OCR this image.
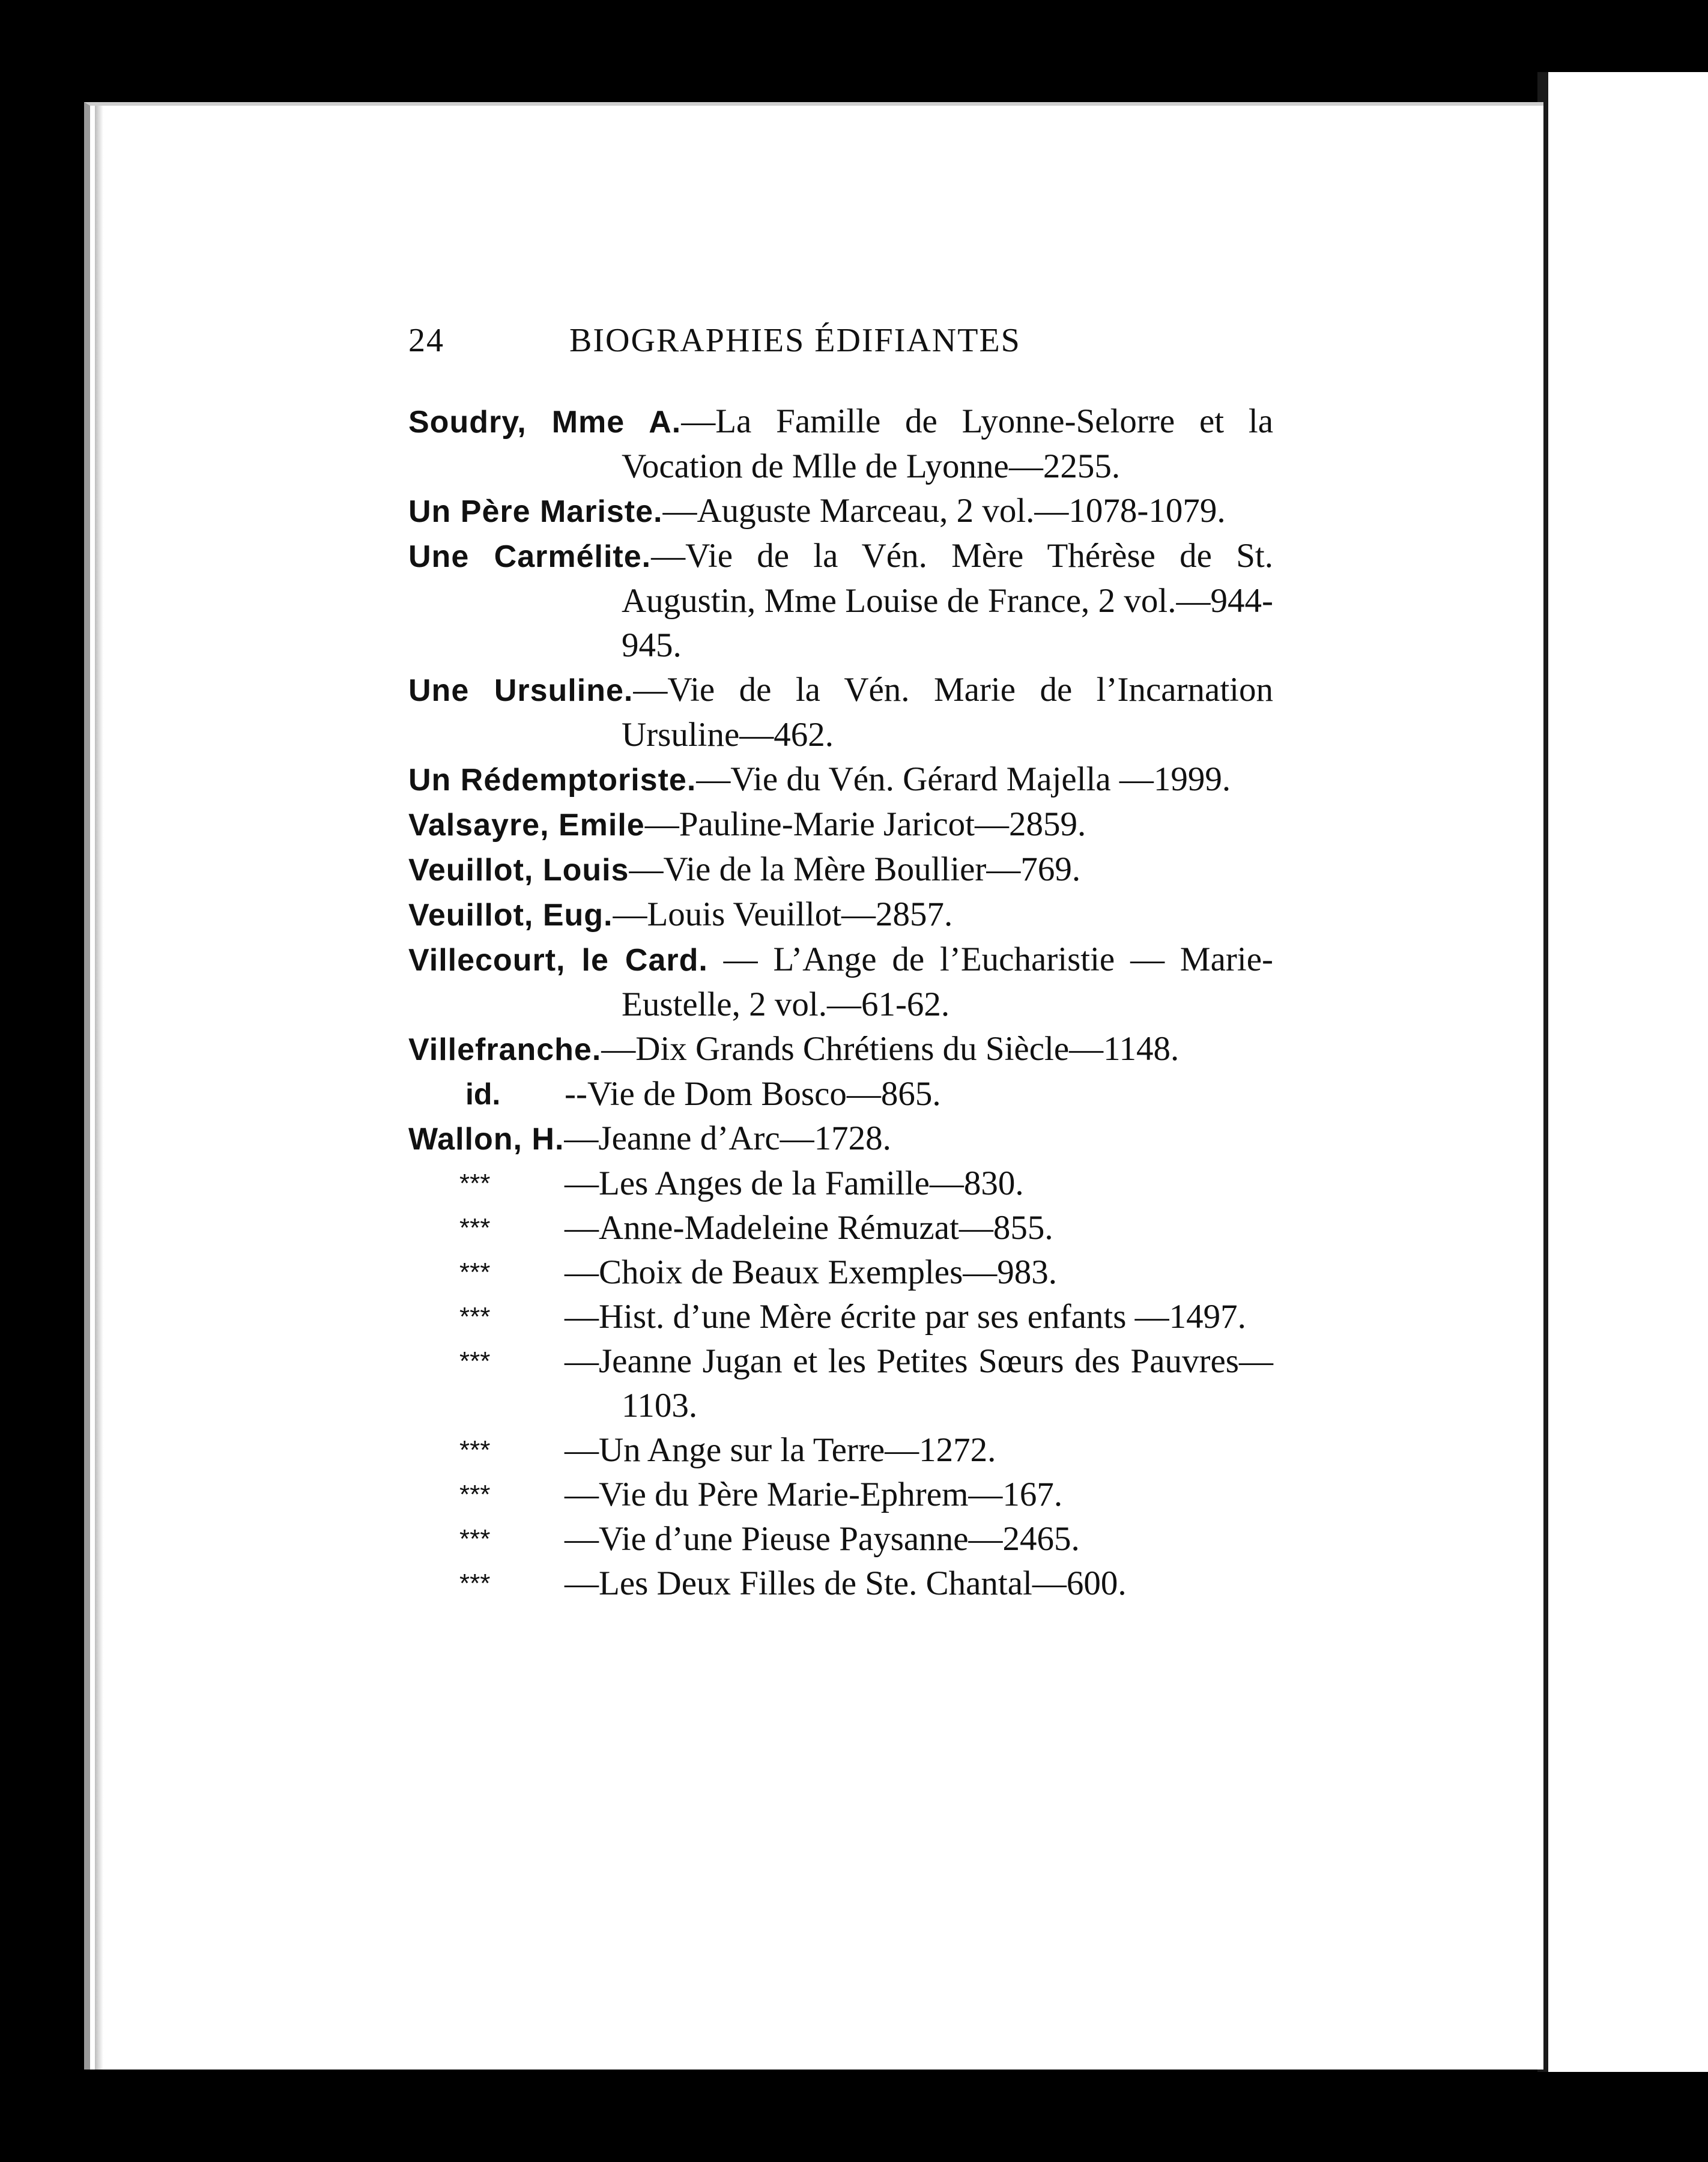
24	BIOGRAPHIES ÉDIFIANTES
Soudry, Mme A.—La Famille de Lyonne-Selorre et la Vocation de Mlle de Lyonne—2255.
Un Père Mariste.—Auguste Marceau, 2 vol.—1078-1079.
Une Carmélite.—Vie de la Vén. Mère Thérèse de St. Augustin, Mme Louise de France, 2 vol.—944-945.
Une Ursuline.—Vie de la Vén. Marie de l’Incarnation Ursuline—462.
Un Rédemptoriste.—Vie du Vén. Gérard Majella —1999.
Valsayre, Emile—Pauline-Marie Jaricot—2859.
Veuillot, Louis—Vie de la Mère Boullier—769.
Veuillot, Eug.—Louis Veuillot—2857.
Villecourt, le Card. — L’Ange de l’Eucharistie — Marie-Eustelle, 2 vol.—61-62.
Villefranche.—Dix Grands Chrétiens du Siècle—1148.
id. --Vie de Dom Bosco—865.
Wallon, H.—Jeanne d’Arc—1728.
*** —Les Anges de la Famille—830.
*** —Anne-Madeleine Rémuzat—855.
*** —Choix de Beaux Exemples—983.
*** —Hist. d’une Mère écrite par ses enfants —1497.
*** —Jeanne Jugan et les Petites Sœurs des Pauvres—1103.
*** —Un Ange sur la Terre—1272.
*** —Vie du Père Marie-Ephrem—167.
*** —Vie d’une Pieuse Paysanne—2465.
*** —Les Deux Filles de Ste. Chantal—600.
